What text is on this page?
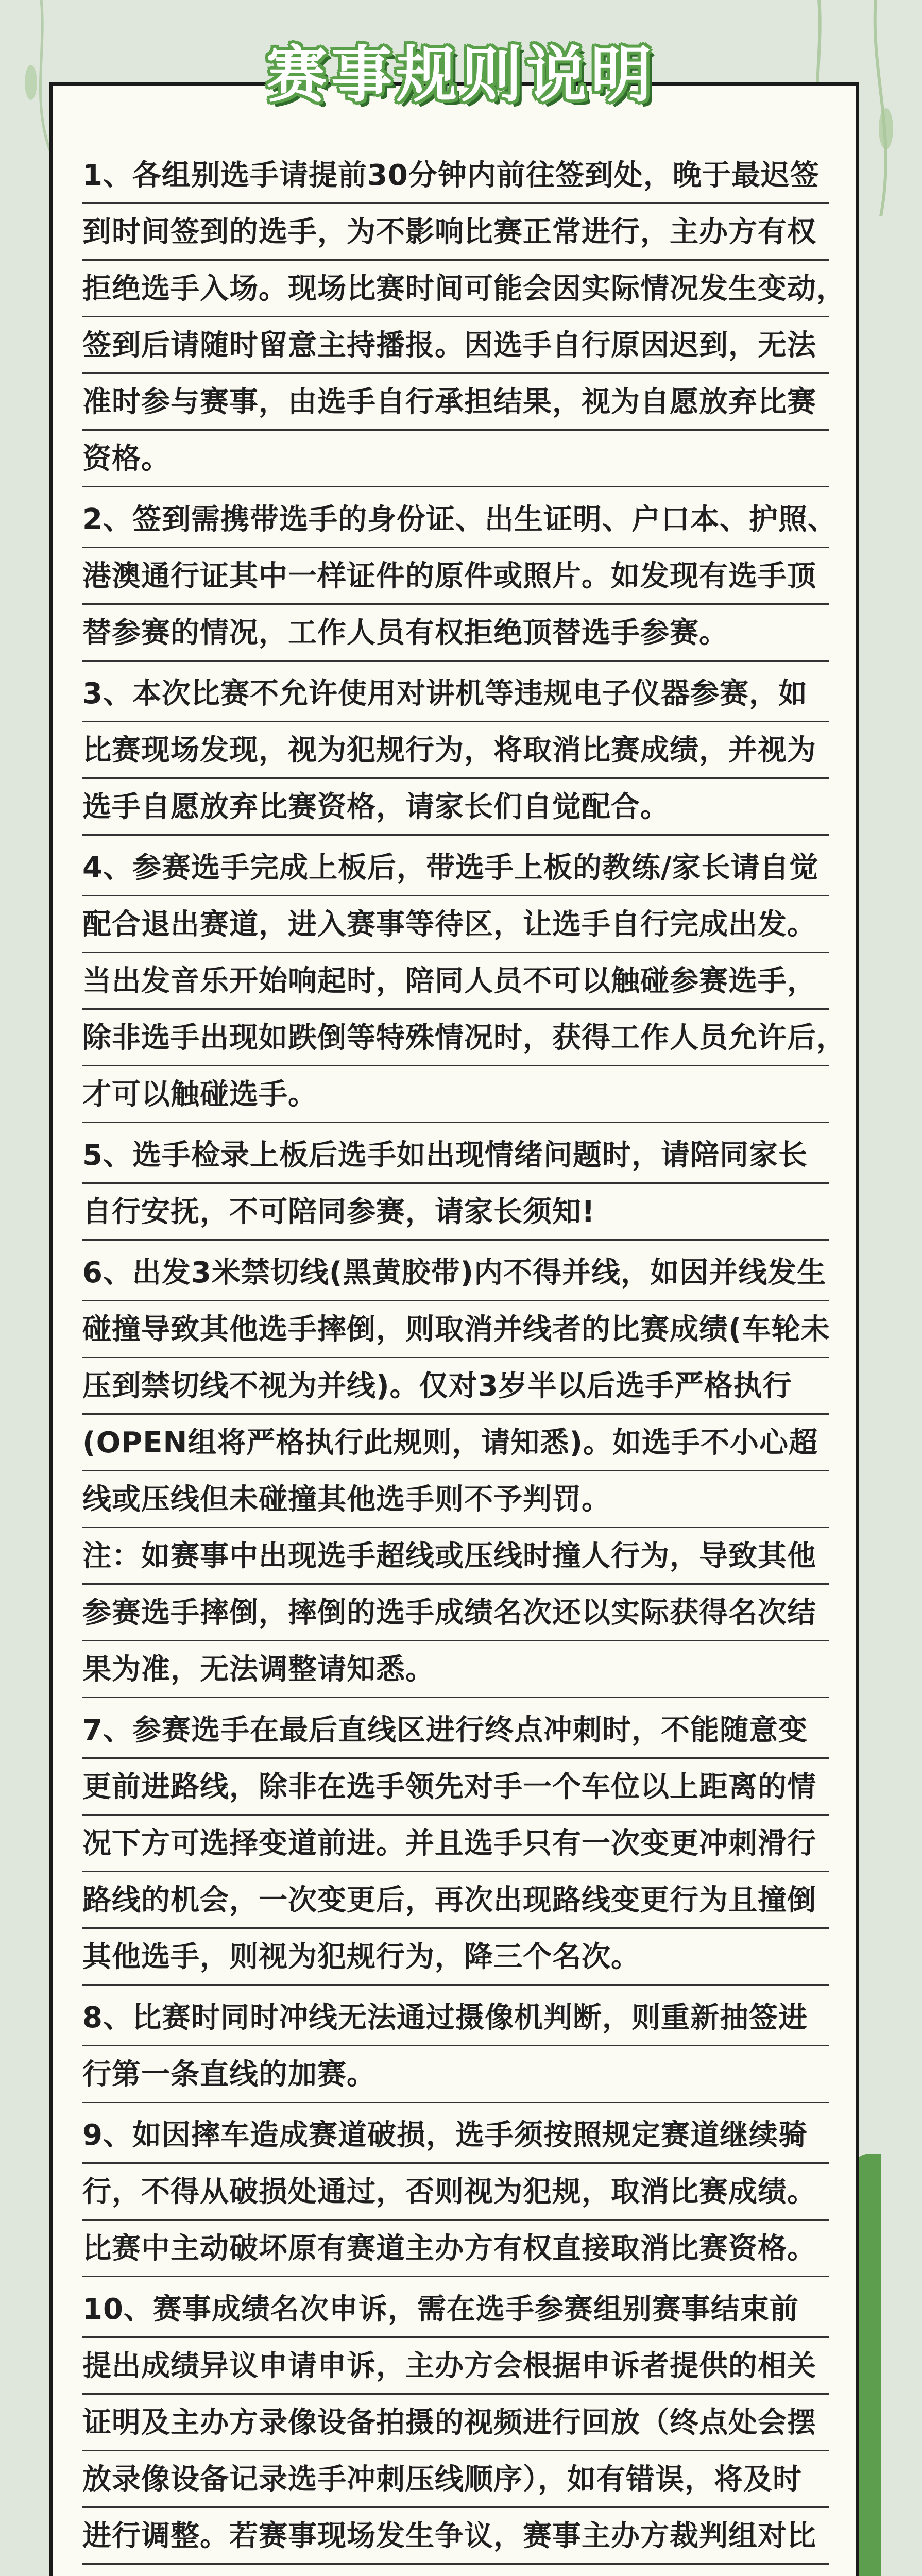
赛事规则说明
1、各组别选手请提前30分钟内前往签到处，晚于最迟签
到时间签到的选手，为不影响比赛正常进行，主办方有权
拒绝选手入场。现场比赛时间可能会因实际情况发生变动，
签到后请随时留意主持播报。因选手自行原因迟到，无法
准时参与赛事，由选手自行承担结果，视为自愿放弃比赛
资格。
2、签到需携带选手的身份证、出生证明、户口本、护照、
港澳通行证其中一样证件的原件或照片。如发现有选手顶
替参赛的情况，工作人员有权拒绝顶替选手参赛。
3、本次比赛不允许使用对讲机等违规电子仪器参赛，如
比赛现场发现，视为犯规行为，将取消比赛成绩，并视为
选手自愿放弃比赛资格，请家长们自觉配合。
4、参赛选手完成上板后，带选手上板的教练/家长请自觉
配合退出赛道，进入赛事等待区，让选手自行完成出发。
当出发音乐开始响起时，陪同人员不可以触碰参赛选手，
除非选手出现如跌倒等特殊情况时，获得工作人员允许后，
才可以触碰选手。
5、选手检录上板后选手如出现情绪问题时，请陪同家长
自行安抚，不可陪同参赛，请家长须知!
6、出发3米禁切线(黑黄胶带)内不得并线，如因并线发生
碰撞导致其他选手摔倒，则取消并线者的比赛成绩(车轮未
压到禁切线不视为并线)。仅对3岁半以后选手严格执行
(OPEN组将严格执行此规则，请知悉)。如选手不小心超
线或压线但未碰撞其他选手则不予判罚。
注：如赛事中出现选手超线或压线时撞人行为，导致其他
参赛选手摔倒，摔倒的选手成绩名次还以实际获得名次结
果为准，无法调整请知悉。
7、参赛选手在最后直线区进行终点冲刺时，不能随意变
更前进路线，除非在选手领先对手一个车位以上距离的情
况下方可选择变道前进。并且选手只有一次变更冲刺滑行
路线的机会，一次变更后，再次出现路线变更行为且撞倒
其他选手，则视为犯规行为，降三个名次。
8、比赛时同时冲线无法通过摄像机判断，则重新抽签进
行第一条直线的加赛。
9、如因摔车造成赛道破损，选手须按照规定赛道继续骑
行，不得从破损处通过，否则视为犯规，取消比赛成绩。
比赛中主动破坏原有赛道主办方有权直接取消比赛资格。
10、赛事成绩名次申诉，需在选手参赛组别赛事结束前
提出成绩异议申请申诉，主办方会根据申诉者提供的相关
证明及主办方录像设备拍摄的视频进行回放（终点处会摆
放录像设备记录选手冲刺压线顺序），如有错误，将及时
进行调整。若赛事现场发生争议，赛事主办方裁判组对比
